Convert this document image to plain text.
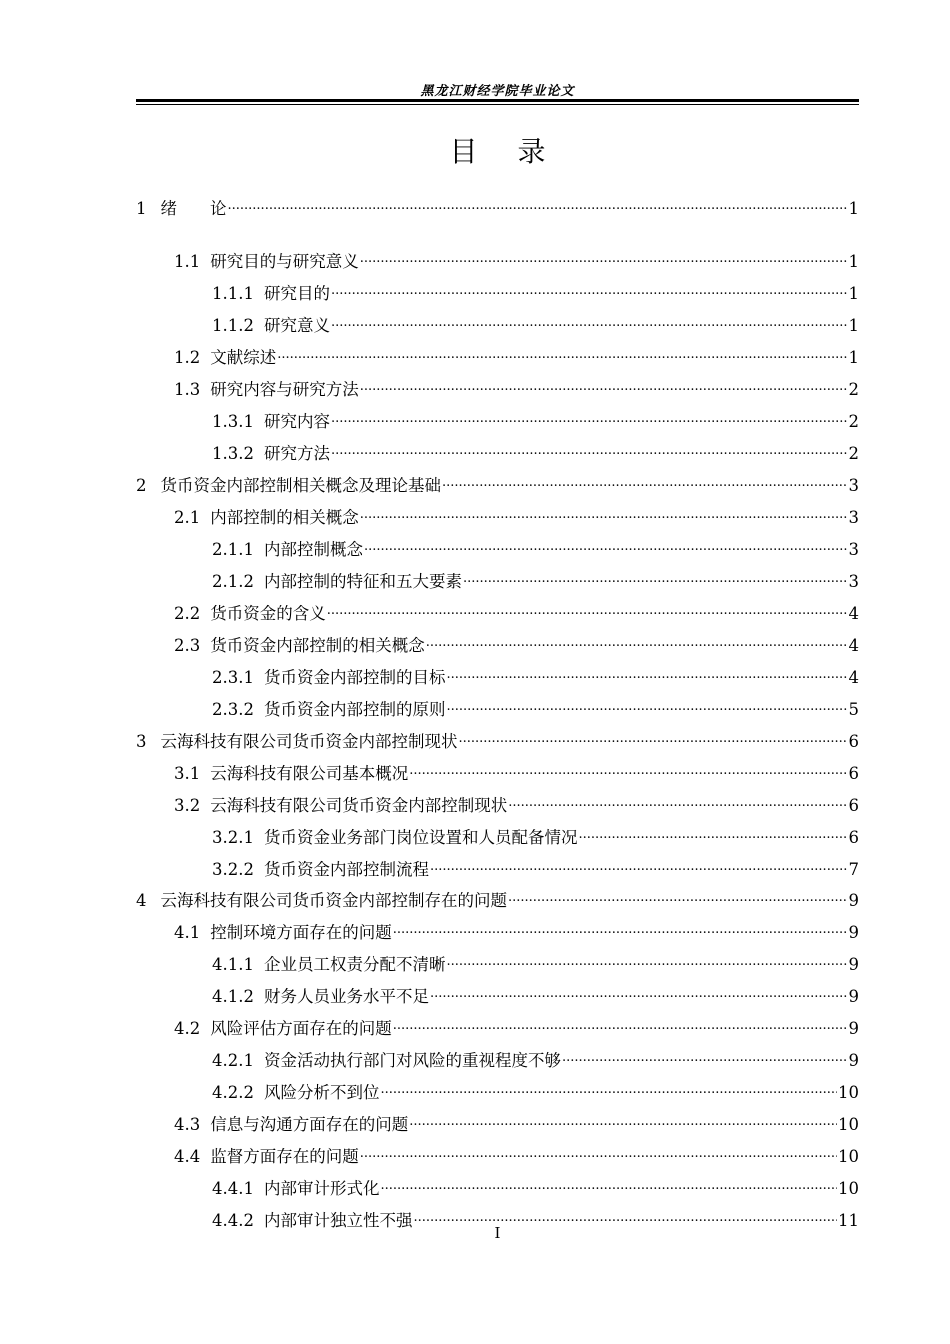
黑龙江财经学院毕业论文
目录
1 绪　　论 .....	1
1.1 研究目的与研究意义 .....	1
1.1.1 研究目的 .....	1
1.1.2 研究意义 .....	1
1.2 文献综述 .....	1
1.3 研究内容与研究方法 .....	2
1.3.1 研究内容 .....	2
1.3.2 研究方法 .....	2
2 货币资金内部控制相关概念及理论基础 .....	3
2.1 内部控制的相关概念 .....	3
2.1.1 内部控制概念 .....	3
2.1.2 内部控制的特征和五大要素 .....	3
2.2 货币资金的含义 .....	4
2.3 货币资金内部控制的相关概念 .....	4
2.3.1 货币资金内部控制的目标 .....	4
2.3.2 货币资金内部控制的原则 .....	5
3 云海科技有限公司货币资金内部控制现状 .....	6
3.1 云海科技有限公司基本概况 .....	6
3.2 云海科技有限公司货币资金内部控制现状 .....	6
3.2.1 货币资金业务部门岗位设置和人员配备情况 .....	6
3.2.2 货币资金内部控制流程 .....	7
4 云海科技有限公司货币资金内部控制存在的问题 .....	9
4.1 控制环境方面存在的问题 .....	9
4.1.1 企业员工权责分配不清晰 .....	9
4.1.2 财务人员业务水平不足 .....	9
4.2 风险评估方面存在的问题 .....	9
4.2.1 资金活动执行部门对风险的重视程度不够 .....	9
4.2.2 风险分析不到位 .....	10
4.3 信息与沟通方面存在的问题 .....	10
4.4 监督方面存在的问题 .....	10
4.4.1 内部审计形式化 .....	10
4.4.2 内部审计独立性不强 .....	11
I
